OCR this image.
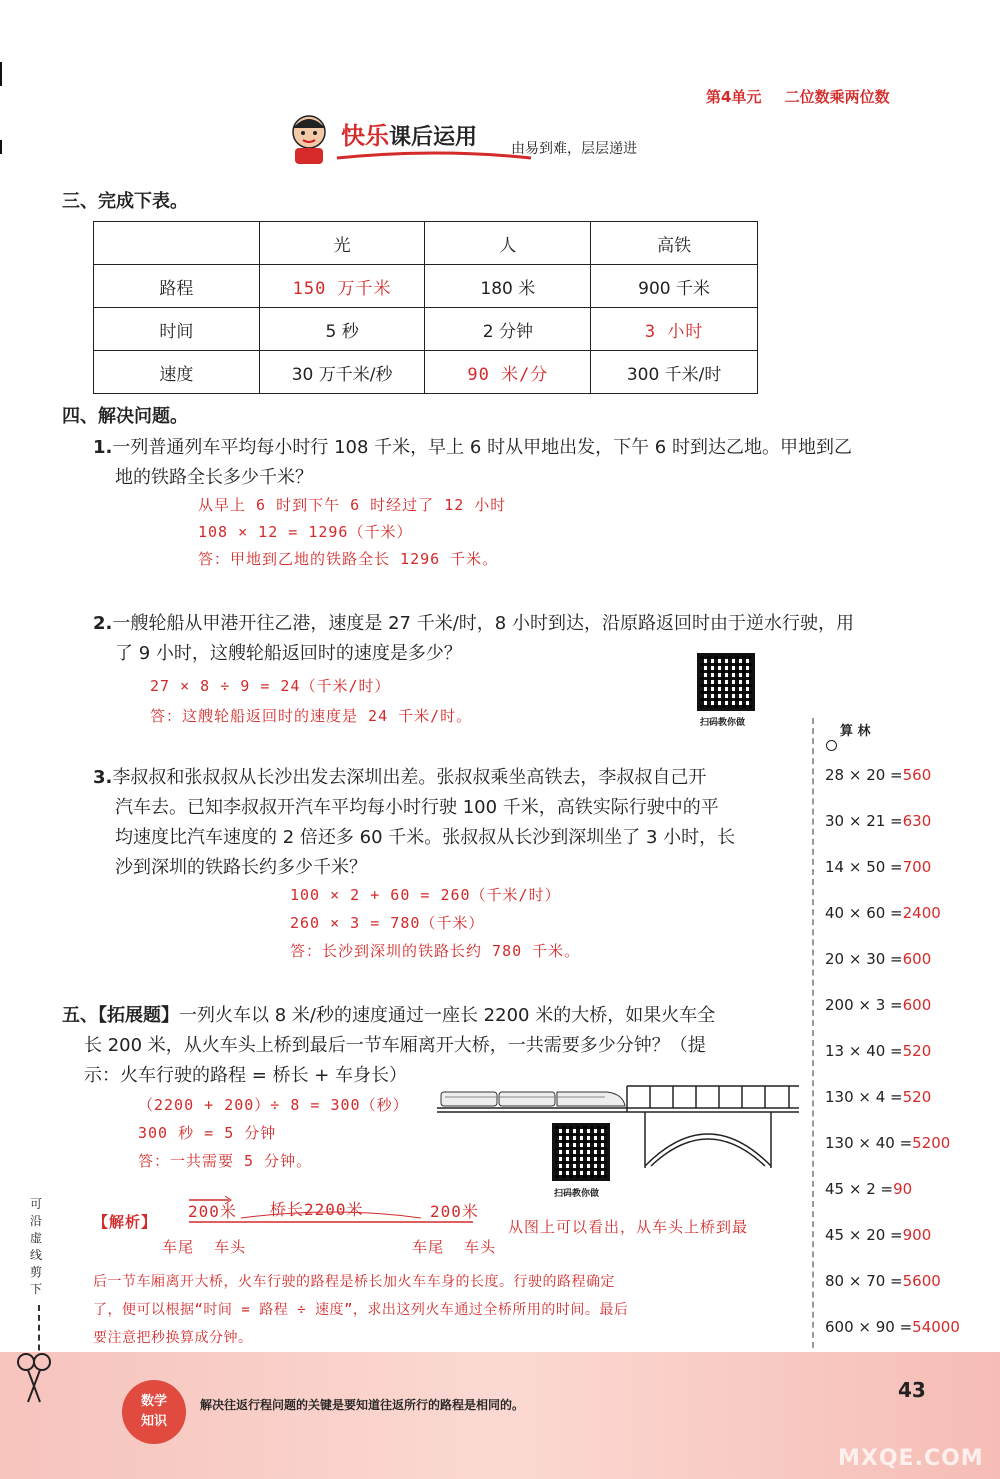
第4单元 二位数乘两位数
快乐课后运用 由易到难，层层递进
三、完成下表。
	光	人	高铁
路程	150 万千米	180 米	900 千米
时间	5 秒	2 分钟	3 小时
速度	30 万千米/秒	90 米/分	300 千米/时
四、解决问题。
1.一列普通列车平均每小时行 108 千米，早上 6 时从甲地出发，下午 6 时到达乙地。甲地到乙
地的铁路全长多少千米？
从早上 6 时到下午 6 时经过了 12 小时
108 × 12 = 1296（千米）
答：甲地到乙地的铁路全长 1296 千米。
2.一艘轮船从甲港开往乙港，速度是 27 千米/时，8 小时到达，沿原路返回时由于逆水行驶，用
了 9 小时，这艘轮船返回时的速度是多少？
27 × 8 ÷ 9 = 24（千米/时）
答：这艘轮船返回时的速度是 24 千米/时。	扫码教你做
3.李叔叔和张叔叔从长沙出发去深圳出差。张叔叔乘坐高铁去，李叔叔自己开
汽车去。已知李叔叔开汽车平均每小时行驶 100 千米，高铁实际行驶中的平
均速度比汽车速度的 2 倍还多 60 千米。张叔叔从长沙到深圳坐了 3 小时，长
沙到深圳的铁路长约多少千米？
100 × 2 + 60 = 260（千米/时）
260 × 3 = 780（千米）
答：长沙到深圳的铁路长约 780 千米。
算 林
28 × 20 =560
30 × 21 =630
14 × 50 =700
40 × 60 =2400
20 × 30 =600
200 × 3 =600
13 × 40 =520
130 × 4 =520
130 × 40 =5200
45 × 2 =90
45 × 20 =900
80 × 70 =5600
600 × 90 =54000
五、【拓展题】一列火车以 8 米/秒的速度通过一座长 2200 米的大桥，如果火车全
长 200 米，从火车头上桥到最后一节车厢离开大桥，一共需要多少分钟？（提
示：火车行驶的路程 = 桥长 + 车身长）
（2200 + 200）÷ 8 = 300（秒）
300 秒 = 5 分钟
答：一共需要 5 分钟。
扫码教你做
【解析】
200米 桥长2200米	200米
车尾 车头	车尾 车头
从图上可以看出，从车头上桥到最
后一节车厢离开大桥，火车行驶的路程是桥长加火车车身的长度。行驶的路程确定
了，便可以根据“时间 = 路程 ÷ 速度”，求出这列火车通过全桥所用的时间。最后
要注意把秒换算成分钟。
可
沿
虚
线
剪
下
数学
知识
解决往返行程问题的关键是要知道往返所行的路程是相同的。
43
MXQE.COM
